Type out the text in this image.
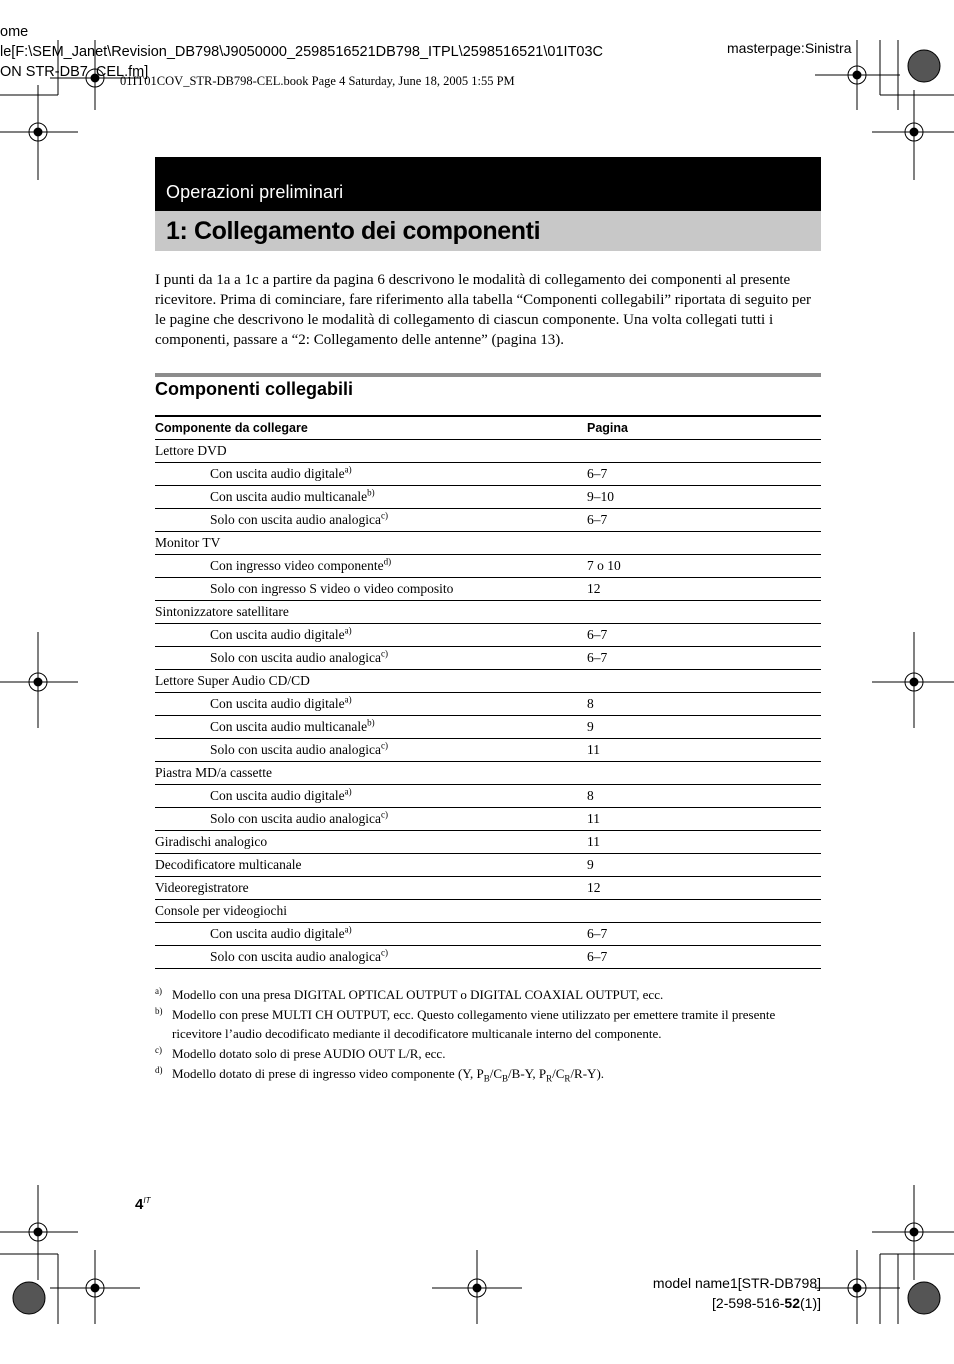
ome
le[F:\SEM_Janet\Revision_DB798\J9050000_2598516521DB798_ITPL\2598516521\01IT03C
ON STR-DB7  CEL.fm]
01IT01COV_STR-DB798-CEL.book Page 4 Saturday, June 18, 2005 1:55 PM
masterpage:Sinistra
Operazioni preliminari
1: Collegamento dei componenti
I punti da 1a a 1c a partire da pagina 6 descrivono le modalità di collegamento dei componenti al presente ricevitore. Prima di cominciare, fare riferimento alla tabella “Componenti collegabili” riportata di seguito per le pagine che descrivono le modalità di collegamento di ciascun componente. Una volta collegati tutti i componenti, passare a “2: Collegamento delle antenne” (pagina 13).
Componenti collegabili
Componente da collegare	Pagina
Lettore DVD	
Con uscita audio digitale$^{a)}$	6–7
Con uscita audio multicanale$^{b)}$	9–10
Solo con uscita audio analogica$^{c)}$	6–7
Monitor TV	
Con ingresso video componente$^{d)}$	7 o 10
Solo con ingresso S video o video composito	12
Sintonizzatore satellitare	
Con uscita audio digitale$^{a)}$	6–7
Solo con uscita audio analogica$^{c)}$	6–7
Lettore Super Audio CD/CD	
Con uscita audio digitale$^{a)}$	8
Con uscita audio multicanale$^{b)}$	9
Solo con uscita audio analogica$^{c)}$	11
Piastra MD/a cassette	
Con uscita audio digitale$^{a)}$	8
Solo con uscita audio analogica$^{c)}$	11
Giradischi analogico	11
Decodificatore multicanale	9
Videoregistratore	12
Console per videogiochi	
Con uscita audio digitale$^{a)}$	6–7
Solo con uscita audio analogica$^{c)}$	6–7
a) Modello con una presa DIGITAL OPTICAL OUTPUT o DIGITAL COAXIAL OUTPUT, ecc.
b) Modello con prese MULTI CH OUTPUT, ecc. Questo collegamento viene utilizzato per emettere tramite il presente ricevitore l’audio decodificato mediante il decodificatore multicanale interno del componente.
c) Modello dotato solo di prese AUDIO OUT L/R, ecc.
d) Modello dotato di prese di ingresso video componente (Y, $P_B/C_B/B-Y$, $P_R/C_R/R-Y$).
$4^{IT}$
model name1[STR-DB798]
[2-598-516-52(1)]
